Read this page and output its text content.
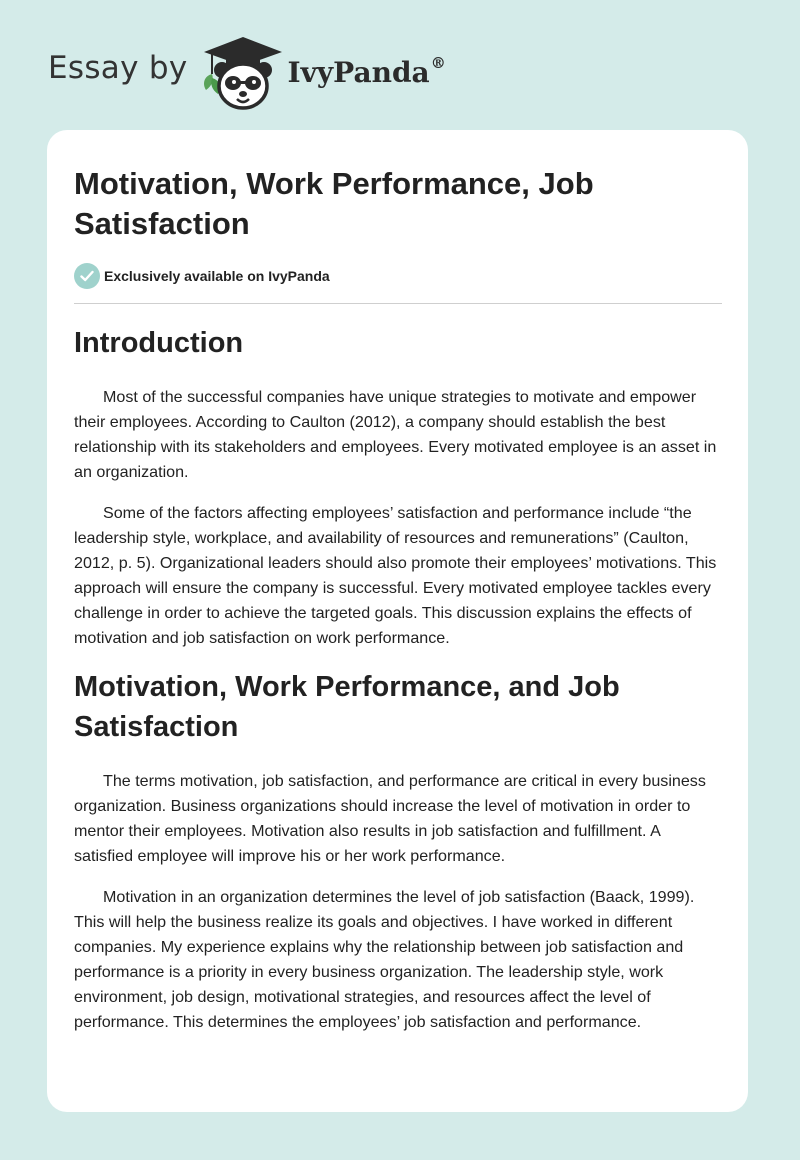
Essay by	IvyPanda®
Motivation, Work Performance, Job Satisfaction
Exclusively available on IvyPanda
Introduction

Most of the successful companies have unique strategies to motivate and empower their employees. According to Caulton (2012), a company should establish the best relationship with its stakeholders and employees. Every motivated employee is an asset in an organization.

Some of the factors affecting employees’ satisfaction and performance include “the leadership style, workplace, and availability of resources and remunerations” (Caulton, 2012, p. 5). Organizational leaders should also promote their employees’ motivations. This approach will ensure the company is successful. Every motivated employee tackles every challenge in order to achieve the targeted goals. This discussion explains the effects of motivation and job satisfaction on work performance.

Motivation, Work Performance, and Job Satisfaction

The terms motivation, job satisfaction, and performance are critical in every business organization. Business organizations should increase the level of motivation in order to mentor their employees. Motivation also results in job satisfaction and fulfillment. A satisfied employee will improve his or her work performance.

Motivation in an organization determines the level of job satisfaction (Baack, 1999). This will help the business realize its goals and objectives. I have worked in different companies. My experience explains why the relationship between job satisfaction and performance is a priority in every business organization. The leadership style, work environment, job design, motivational strategies, and resources affect the level of performance. This determines the employees’ job satisfaction and performance.
